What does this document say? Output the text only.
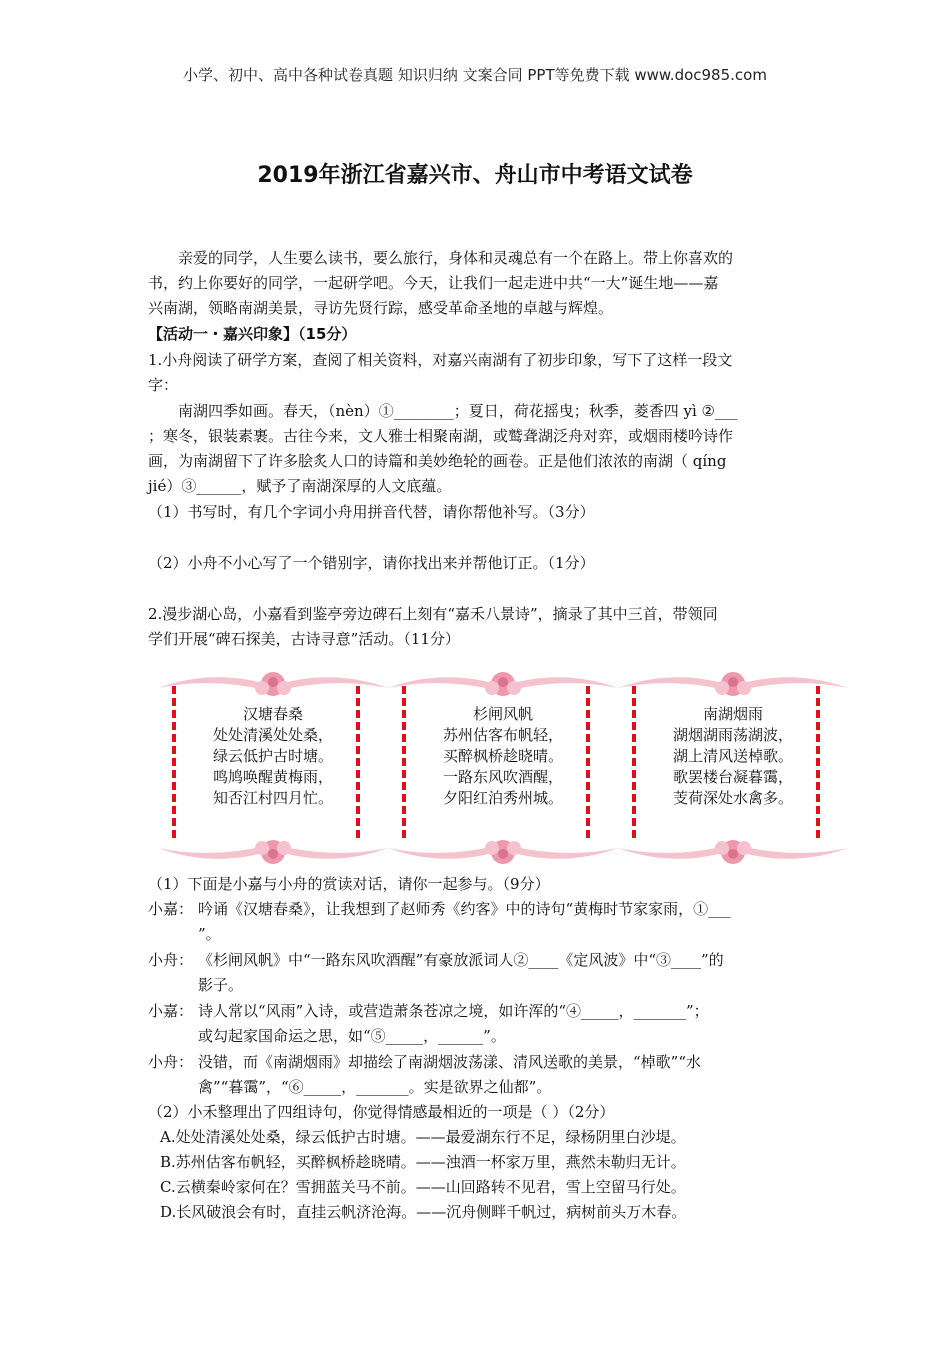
小学、初中、高中各种试卷真题 知识归纳 文案合同 PPT等免费下载 www.doc985.com
2019年浙江省嘉兴市、舟山市中考语文试卷
亲爱的同学，人生要么读书，要么旅行，身体和灵魂总有一个在路上。带上你喜欢的
书，约上你要好的同学，一起研学吧。今天，让我们一起走进中共“一大”诞生地——嘉
兴南湖，领略南湖美景，寻访先贤行踪，感受革命圣地的卓越与辉煌。
【活动一・嘉兴印象】（15分）
1.小舟阅读了研学方案，查阅了相关资料，对嘉兴南湖有了初步印象，写下了这样一段文
字：
南湖四季如画。春天，（nèn）①________；夏日，荷花摇曳；秋季，菱香四 yì ②___
；寒冬，银装素裹。古往今来，文人雅士相聚南湖，或鹫聋湖泛舟对弈，或烟雨楼吟诗作
画，为南湖留下了许多脍炙人口的诗篇和美妙绝轮的画卷。正是他们浓浓的南湖（ qíng
jié）③______，赋予了南湖深厚的人文底蕴。
（1）书写时，有几个字词小舟用拼音代替，请你帮他补写。（3分）
（2）小舟不小心写了一个错别字，请你找出来并帮他订正。（1分）
2.漫步湖心岛，小嘉看到鉴亭旁边碑石上刻有“嘉禾八景诗”，摘录了其中三首，带领同
学们开展“碑石探美，古诗寻意”活动。（11分）
汉塘春桑
处处清溪处处桑，
绿云低护古时塘。
鸣鸠唤醒黄梅雨，
知否江村四月忙。
杉闸风帆
苏州估客布帆轻，
买醉枫桥趁晓晴。
一路东风吹酒醒，
夕阳红泊秀州城。
南湖烟雨
湖烟湖雨荡湖波，
湖上清风送棹歌。
歌罢楼台凝暮霭，
芰荷深处水禽多。
（1）下面是小嘉与小舟的赏读对话，请你一起参与。（9分）
小嘉： 吟诵《汉塘春桑》，让我想到了赵师秀《约客》中的诗句“黄梅时节家家雨，①___
”。
小舟： 《杉闸风帆》中“一路东风吹酒醒”有豪放派词人②____《定风波》中“③____”的
影子。
小嘉： 诗人常以“风雨”入诗，或营造萧条苍凉之境，如许浑的“④_____，_______”；
或勾起家国命运之思，如“⑤_____，______”。
小舟： 没错，而《南湖烟雨》却描绘了南湖烟波荡漾、清风送歌的美景，“棹歌”“水
禽”“暮霭”，“⑥_____，_______。实是欲界之仙都”。
（2）小禾整理出了四组诗句，你觉得情感最相近的一项是（ ）（2分）
A.处处清溪处处桑，绿云低护古时塘。——最爱湖东行不足，绿杨阴里白沙堤。
B.苏州估客布帆轻，买醉枫桥趁晓晴。——浊酒一杯家万里，燕然未勒归无计。
C.云横秦岭家何在？雪拥蓝关马不前。——山回路转不见君，雪上空留马行处。
D.长风破浪会有时，直挂云帆济沧海。——沉舟侧畔千帆过，病树前头万木春。
